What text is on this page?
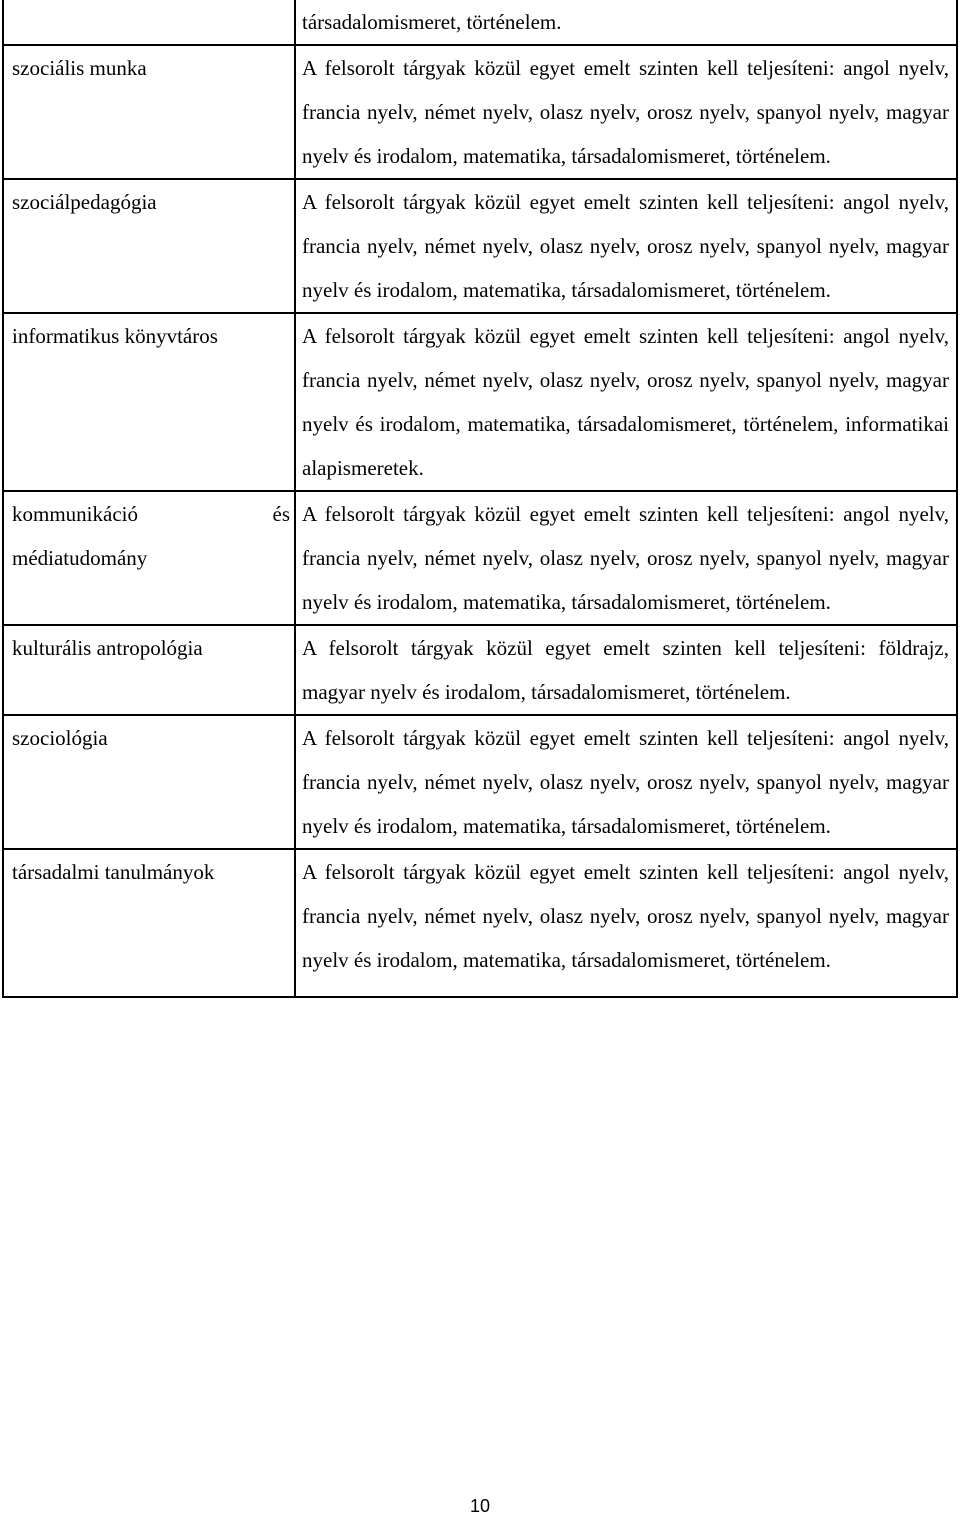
	társadalomismeret, történelem.

szociális munka	A felsorolt tárgyak közül egyet emelt szinten kell teljesíteni: angol nyelv, francia nyelv, német nyelv, olasz nyelv, orosz nyelv, spanyol nyelv, magyar nyelv és irodalom, matematika, társadalomismeret, történelem.

szociálpedagógia	A felsorolt tárgyak közül egyet emelt szinten kell teljesíteni: angol nyelv, francia nyelv, német nyelv, olasz nyelv, orosz nyelv, spanyol nyelv, magyar nyelv és irodalom, matematika, társadalomismeret, történelem.

informatikus könyvtáros	A felsorolt tárgyak közül egyet emelt szinten kell teljesíteni: angol nyelv, francia nyelv, német nyelv, olasz nyelv, orosz nyelv, spanyol nyelv, magyar nyelv és irodalom, matematika, társadalomismeret, történelem, informatikai alapismeretek.

kommunikáció és médiatudomány	A felsorolt tárgyak közül egyet emelt szinten kell teljesíteni: angol nyelv, francia nyelv, német nyelv, olasz nyelv, orosz nyelv, spanyol nyelv, magyar nyelv és irodalom, matematika, társadalomismeret, történelem.

kulturális antropológia	A felsorolt tárgyak közül egyet emelt szinten kell teljesíteni: földrajz, magyar nyelv és irodalom, társadalomismeret, történelem.

szociológia	A felsorolt tárgyak közül egyet emelt szinten kell teljesíteni: angol nyelv, francia nyelv, német nyelv, olasz nyelv, orosz nyelv, spanyol nyelv, magyar nyelv és irodalom, matematika, társadalomismeret, történelem.

társadalmi tanulmányok	A felsorolt tárgyak közül egyet emelt szinten kell teljesíteni: angol nyelv, francia nyelv, német nyelv, olasz nyelv, orosz nyelv, spanyol nyelv, magyar nyelv és irodalom, matematika, társadalomismeret, történelem.
10
